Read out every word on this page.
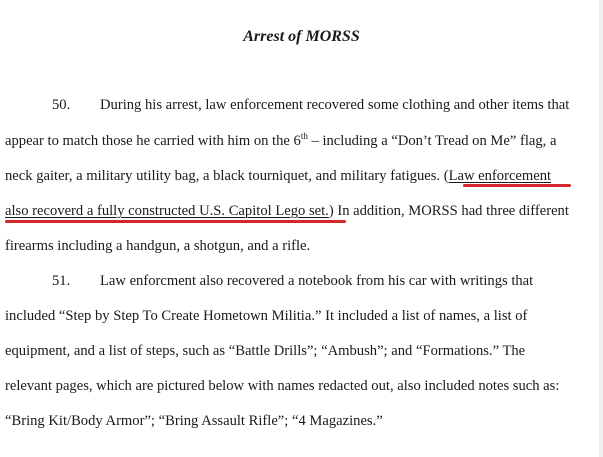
Arrest of MORSS
50. During his arrest, law enforcement recovered some clothing and other items that
appear to match those he carried with him on the 6th – including a “Don’t Tread on Me” flag, a
neck gaiter, a military utility bag, a black tourniquet, and military fatigues. (Law enforcement
also recoverd a fully constructed U.S. Capitol Lego set.) In addition, MORSS had three different
firearms including a handgun, a shotgun, and a rifle.
51. Law enforcment also recovered a notebook from his car with writings that
included “Step by Step To Create Hometown Militia.” It included a list of names, a list of
equipment, and a list of steps, such as “Battle Drills”; “Ambush”; and “Formations.” The
relevant pages, which are pictured below with names redacted out, also included notes such as:
“Bring Kit/Body Armor”; “Bring Assault Rifle”; “4 Magazines.”
